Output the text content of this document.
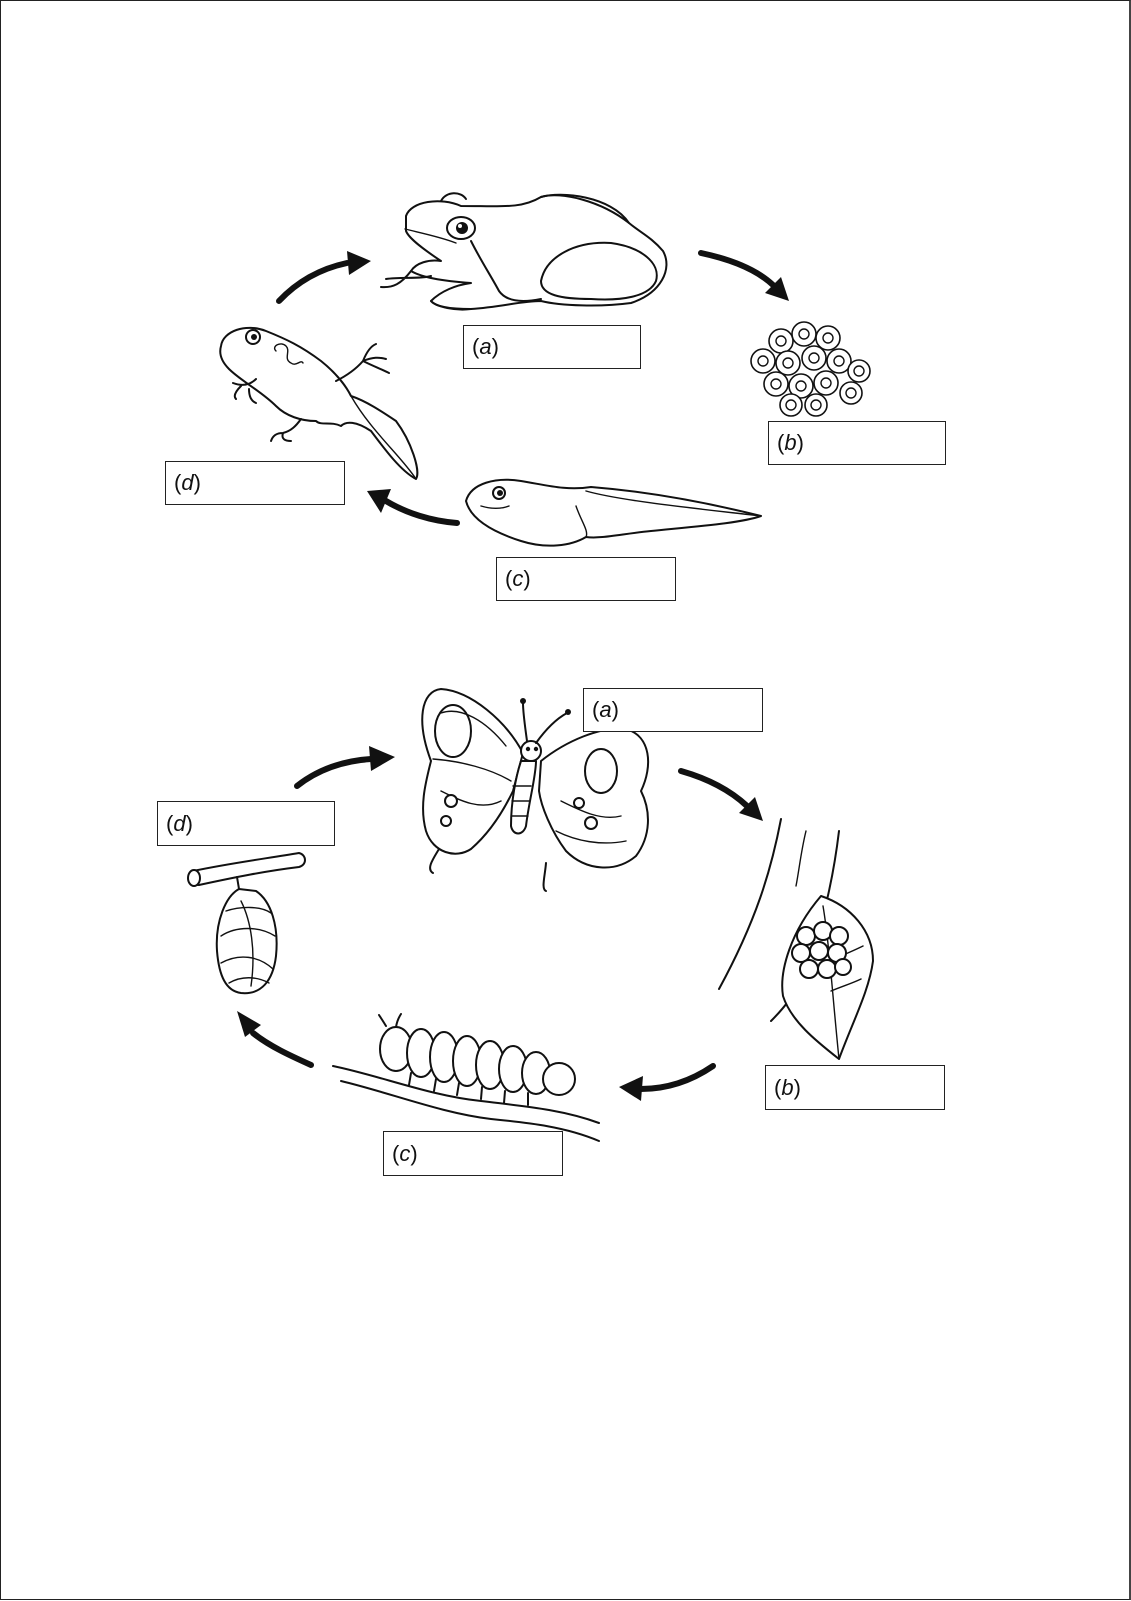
( a )
( b )
( c )
( d )
( a )
( b )
( c )
( d )
